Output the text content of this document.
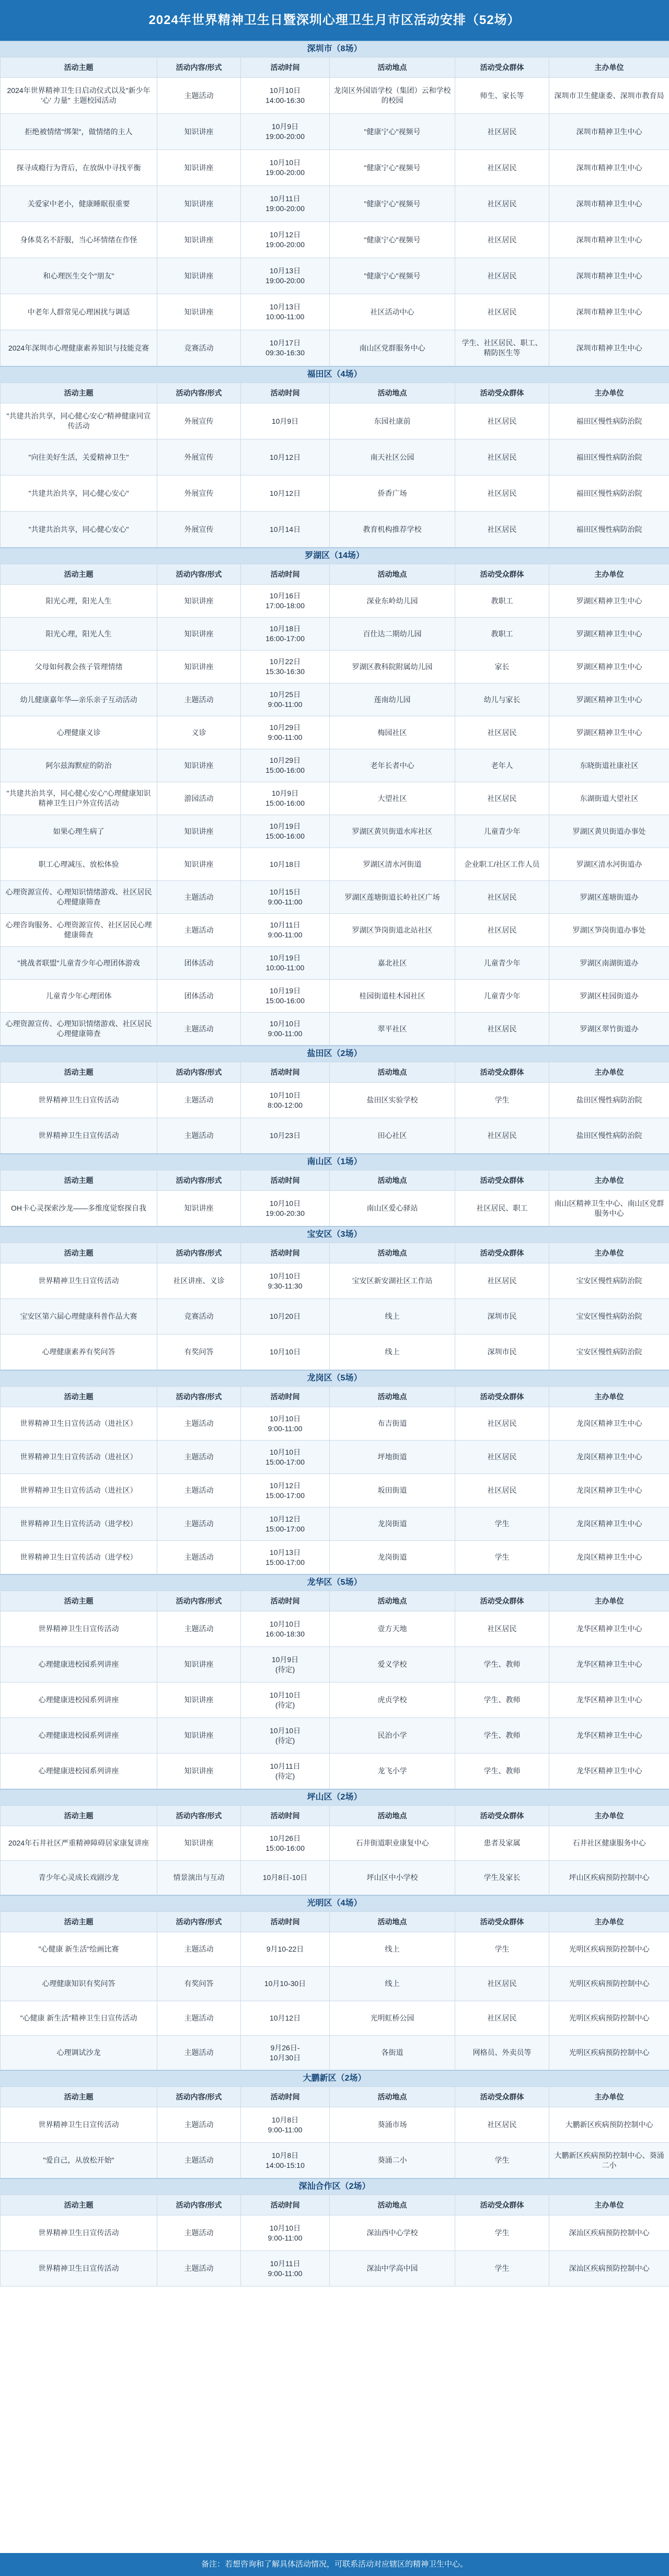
2024年世界精神卫生日暨深圳心理卫生月市区活动安排（52场）
深圳市（8场）
活动主题	活动内容/形式	活动时间	活动地点	活动受众群体	主办单位
2024年世界精神卫生日启动仪式以及"新少年 '心' 力量" 主题校园活动	主题活动	10月10日
14:00-16:30	龙岗区外国语学校（集团）云和学校的校园	师生、家长等	深圳市卫生健康委、深圳市教育局
拒绝被情绪"绑架"，做情绪的主人	知识讲座	10月9日
19:00-20:00	"健康宁心"视频号	社区居民	深圳市精神卫生中心
探寻成瘾行为背后，在放纵中寻找平衡	知识讲座	10月10日
19:00-20:00	"健康宁心"视频号	社区居民	深圳市精神卫生中心
关爱家中老小，健康睡眠很重要	知识讲座	10月11日
19:00-20:00	"健康宁心"视频号	社区居民	深圳市精神卫生中心
身体莫名不舒服，当心坏情绪在作怪	知识讲座	10月12日
19:00-20:00	"健康宁心"视频号	社区居民	深圳市精神卫生中心
和心理医生交个"朋友"	知识讲座	10月13日
19:00-20:00	"健康宁心"视频号	社区居民	深圳市精神卫生中心
中老年人群常见心理困扰与调适	知识讲座	10月13日
10:00-11:00	社区活动中心	社区居民	深圳市精神卫生中心
2024年深圳市心理健康素养知识与技能竞赛	竞赛活动	10月17日
09:30-16:30	南山区党群服务中心	学生、社区居民、职工、精防医生等	深圳市精神卫生中心
福田区（4场）
活动主题	活动内容/形式	活动时间	活动地点	活动受众群体	主办单位
"共建共治共享，同心健心安心"精神健康同宣传活动	外展宣传	10月9日	东园社康前	社区居民	福田区慢性病防治院
"向往美好生活，关爱精神卫生"	外展宣传	10月12日	南天社区公园	社区居民	福田区慢性病防治院
"共建共治共享，同心健心安心"	外展宣传	10月12日	侨香广场	社区居民	福田区慢性病防治院
"共建共治共享，同心健心安心"	外展宣传	10月14日	教育机构推荐学校	社区居民	福田区慢性病防治院
罗湖区（14场）
活动主题	活动内容/形式	活动时间	活动地点	活动受众群体	主办单位
阳光心理，阳光人生	知识讲座	10月16日
17:00-18:00	深业东岭幼儿园	教职工	罗湖区精神卫生中心
阳光心理，阳光人生	知识讲座	10月18日
16:00-17:00	百仕达二期幼儿园	教职工	罗湖区精神卫生中心
父母如何教会孩子管理情绪	知识讲座	10月22日
15:30-16:30	罗湖区教科院附属幼儿园	家长	罗湖区精神卫生中心
幼儿健康嘉年华—亲乐亲子互动活动	主题活动	10月25日
9:00-11:00	莲南幼儿园	幼儿与家长	罗湖区精神卫生中心
心理健康义诊	义诊	10月29日
9:00-11:00	梅园社区	社区居民	罗湖区精神卫生中心
阿尔兹海默症的防治	知识讲座	10月29日
15:00-16:00	老年长者中心	老年人	东晓街道社康社区
"共建共治共享，同心健心安心"心理健康知识精神卫生日户外宣传活动	游园活动	10月9日
15:00-16:00	大望社区	社区居民	东湖街道大望社区
如果心理生病了	知识讲座	10月19日
15:00-16:00	罗湖区黄贝街道水库社区	儿童青少年	罗湖区黄贝街道办事处
职工心理减压、放松体验	知识讲座	10月18日	罗湖区清水河街道	企业职工/社区工作人员	罗湖区清水河街道办
心理资源宣传、心理知识情绪游戏、社区居民心理健康筛查	主题活动	10月15日
9:00-11:00	罗湖区莲塘街道长岭社区广场	社区居民	罗湖区莲塘街道办
心理咨询服务、心理资源宣传、社区居民心理健康筛查	主题活动	10月11日
9:00-11:00	罗湖区笋岗街道北站社区	社区居民	罗湖区笋岗街道办事处
"挑战者联盟"儿童青少年心理团体游戏	团体活动	10月19日
10:00-11:00	嘉北社区	儿童青少年	罗湖区南湖街道办
儿童青少年心理团体	团体活动	10月19日
15:00-16:00	桂园街道桂木园社区	儿童青少年	罗湖区桂园街道办
心理资源宣传、心理知识情绪游戏、社区居民心理健康筛查	主题活动	10月10日
9:00-11:00	翠平社区	社区居民	罗湖区翠竹街道办
盐田区（2场）
活动主题	活动内容/形式	活动时间	活动地点	活动受众群体	主办单位
世界精神卫生日宣传活动	主题活动	10月10日
8:00-12:00	盐田区实验学校	学生	盐田区慢性病防治院
世界精神卫生日宣传活动	主题活动	10月23日	田心社区	社区居民	盐田区慢性病防治院
南山区（1场）
活动主题	活动内容/形式	活动时间	活动地点	活动受众群体	主办单位
OH卡心灵探索沙龙——多维度觉察探自我	知识讲座	10月10日
19:00-20:30	南山区爱心驿站	社区居民、职工	南山区精神卫生中心、南山区党群服务中心
宝安区（3场）
活动主题	活动内容/形式	活动时间	活动地点	活动受众群体	主办单位
世界精神卫生日宣传活动	社区讲座、义诊	10月10日
9:30-11:30	宝安区新安湖社区工作站	社区居民	宝安区慢性病防治院
宝安区第六届心理健康科普作品大赛	竞赛活动	10月20日	线上	深圳市民	宝安区慢性病防治院
心理健康素养有奖问答	有奖问答	10月10日	线上	深圳市民	宝安区慢性病防治院
龙岗区（5场）
活动主题	活动内容/形式	活动时间	活动地点	活动受众群体	主办单位
世界精神卫生日宣传活动（进社区）	主题活动	10月10日
9:00-11:00	布吉街道	社区居民	龙岗区精神卫生中心
世界精神卫生日宣传活动（进社区）	主题活动	10月10日
15:00-17:00	坪地街道	社区居民	龙岗区精神卫生中心
世界精神卫生日宣传活动（进社区）	主题活动	10月12日
15:00-17:00	坂田街道	社区居民	龙岗区精神卫生中心
世界精神卫生日宣传活动（进学校）	主题活动	10月12日
15:00-17:00	龙岗街道	学生	龙岗区精神卫生中心
世界精神卫生日宣传活动（进学校）	主题活动	10月13日
15:00-17:00	龙岗街道	学生	龙岗区精神卫生中心
龙华区（5场）
活动主题	活动内容/形式	活动时间	活动地点	活动受众群体	主办单位
世界精神卫生日宣传活动	主题活动	10月10日
16:00-18:30	壹方天地	社区居民	龙华区精神卫生中心
心理健康进校园系列讲座	知识讲座	10月9日
(待定)	爱义学校	学生、教师	龙华区精神卫生中心
心理健康进校园系列讲座	知识讲座	10月10日
(待定)	虎贞学校	学生、教师	龙华区精神卫生中心
心理健康进校园系列讲座	知识讲座	10月10日
(待定)	民治小学	学生、教师	龙华区精神卫生中心
心理健康进校园系列讲座	知识讲座	10月11日
(待定)	龙飞小学	学生、教师	龙华区精神卫生中心
坪山区（2场）
活动主题	活动内容/形式	活动时间	活动地点	活动受众群体	主办单位
2024年石井社区严重精神障碍居家康复讲座	知识讲座	10月26日
15:00-16:00	石井街道职业康复中心	患者及家属	石井社区健康服务中心
青少年心灵成长戏剧沙龙	情景演出与互动	10月8日-10日	坪山区中小学校	学生及家长	坪山区疾病预防控制中心
光明区（4场）
活动主题	活动内容/形式	活动时间	活动地点	活动受众群体	主办单位
"心健康 新生活"绘画比赛	主题活动	9月10-22日	线上	学生	光明区疾病预防控制中心
心理健康知识有奖问答	有奖问答	10月10-30日	线上	社区居民	光明区疾病预防控制中心
"心健康 新生活"精神卫生日宣传活动	主题活动	10月12日	光明虹桥公园	社区居民	光明区疾病预防控制中心
心理调试沙龙	主题活动	9月26日-
10月30日	各街道	网格员、外卖员等	光明区疾病预防控制中心
大鹏新区（2场）
活动主题	活动内容/形式	活动时间	活动地点	活动受众群体	主办单位
世界精神卫生日宣传活动	主题活动	10月8日
9:00-11:00	葵涌市场	社区居民	大鹏新区疾病预防控制中心
"爱自己，从放松开始"	主题活动	10月8日
14:00-15:10	葵涌二小	学生	大鹏新区疾病预防控制中心、葵涌二小
深汕合作区（2场）
活动主题	活动内容/形式	活动时间	活动地点	活动受众群体	主办单位
世界精神卫生日宣传活动	主题活动	10月10日
9:00-11:00	深汕西中心学校	学生	深汕区疾病预防控制中心
世界精神卫生日宣传活动	主题活动	10月11日
9:00-11:00	深汕中学高中园	学生	深汕区疾病预防控制中心
备注：若想咨询和了解具体活动情况，可联系活动对应辖区的精神卫生中心。
